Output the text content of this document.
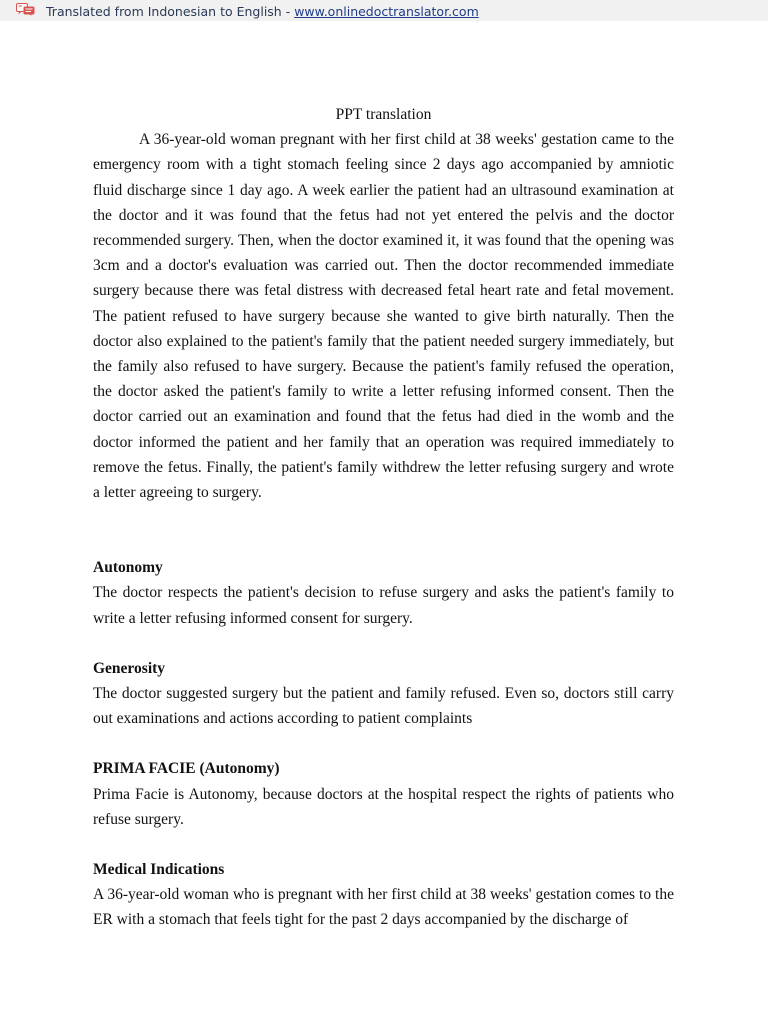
Translated from Indonesian to English - www.onlinedoctranslator.com

PPT translation

A 36-year-old woman pregnant with her first child at 38 weeks' gestation came to the emergency room with a tight stomach feeling since 2 days ago accompanied by amniotic fluid discharge since 1 day ago. A week earlier the patient had an ultrasound examination at the doctor and it was found that the fetus had not yet entered the pelvis and the doctor recommended surgery. Then, when the doctor examined it, it was found that the opening was 3cm and a doctor's evaluation was carried out. Then the doctor recommended immediate surgery because there was fetal distress with decreased fetal heart rate and fetal movement. The patient refused to have surgery because she wanted to give birth naturally. Then the doctor also explained to the patient's family that the patient needed surgery immediately, but the family also refused to have surgery. Because the patient's family refused the operation, the doctor asked the patient's family to write a letter refusing informed consent. Then the doctor carried out an examination and found that the fetus had died in the womb and the doctor informed the patient and her family that an operation was required immediately to remove the fetus. Finally, the patient's family withdrew the letter refusing surgery and wrote a letter agreeing to surgery.

Autonomy

The doctor respects the patient's decision to refuse surgery and asks the patient's family to write a letter refusing informed consent for surgery.

Generosity

The doctor suggested surgery but the patient and family refused. Even so, doctors still carry out examinations and actions according to patient complaints

PRIMA FACIE (Autonomy)

Prima Facie is Autonomy, because doctors at the hospital respect the rights of patients who refuse surgery.

Medical Indications

A 36-year-old woman who is pregnant with her first child at 38 weeks' gestation comes to the ER with a stomach that feels tight for the past 2 days accompanied by the discharge of
